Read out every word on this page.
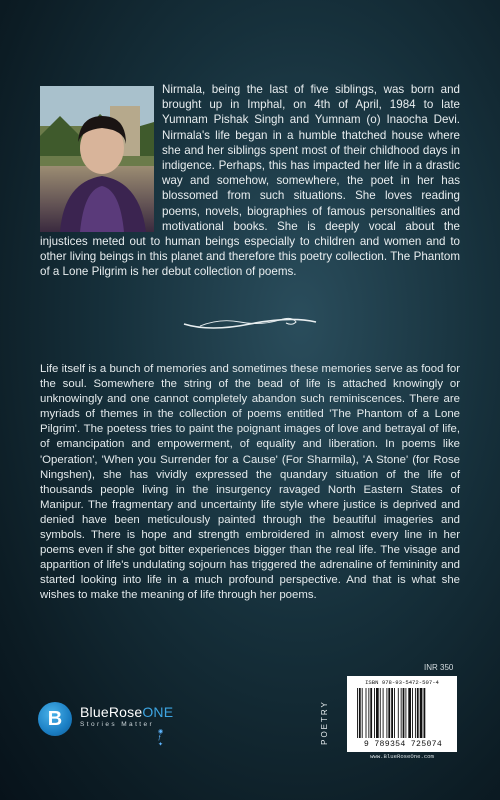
Nirmala, being the last of five siblings, was born and brought up in Imphal, on 4th of April, 1984 to late Yumnam Pishak Singh and Yumnam (o) Inaocha Devi. Nirmala's life began in a humble thatched house where she and her siblings spent most of their childhood days in indigence. Perhaps, this has impacted her life in a drastic way and somehow, somewhere, the poet in her has blossomed from such situations. She loves reading poems, novels, biographies of famous personalities and motivational books. She is deeply vocal about the injustices meted out to human beings especially to children and women and to other living beings in this planet and therefore this poetry collection. The Phantom of a Lone Pilgrim is her debut collection of poems.
Life itself is a bunch of memories and sometimes these memories serve as food for the soul. Somewhere the string of the bead of life is attached knowingly or unknowingly and one cannot completely abandon such reminiscences. There are myriads of themes in the collection of poems entitled 'The Phantom of a Lone Pilgrim'. The poetess tries to paint the poignant images of love and betrayal of life, of emancipation and empowerment, of equality and liberation. In poems like 'Operation', 'When you Surrender for a Cause' (For Sharmila), 'A Stone' (for Rose Ningshen), she has vividly expressed the quandary situation of the life of thousands people living in the insurgency ravaged North Eastern States of Manipur. The fragmentary and uncertainty life style where justice is deprived and denied have been meticulously painted through the beautiful imageries and symbols. There is hope and strength embroidered in almost every line in her poems even if she got bitter experiences bigger than the real life. The visage and apparition of life's undulating sojourn has triggered the adrenaline of femininity and started looking into life in a much profound perspective. And that is what she wishes to make the meaning of life through her poems.
B	BlueRoseONE
Stories Matter
◉ ƒ ✦
INR 350
POETRY
ISBN 978-93-5472-507-4
9 789354 725074
www.BlueRoseOne.com
